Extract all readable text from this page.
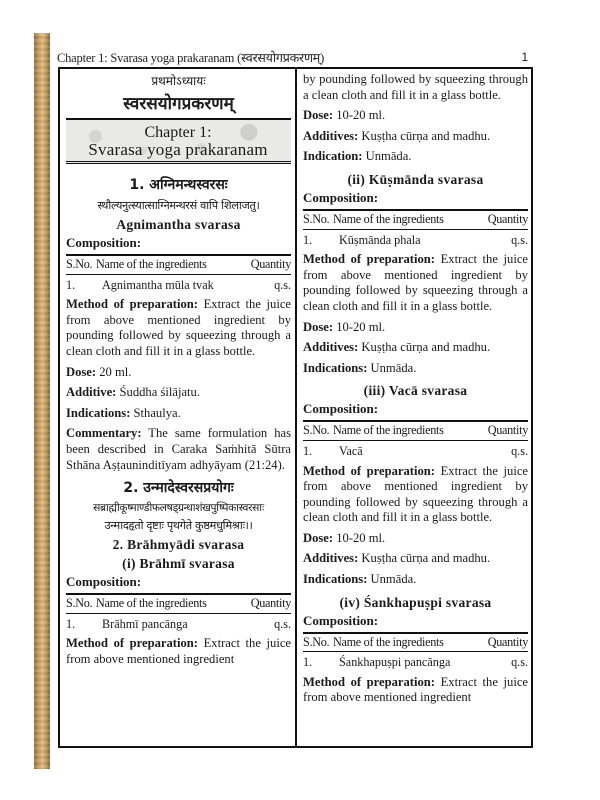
Chapter 1: Svarasa yoga prakaranam (स्वरसयोगप्रकरणम्)	1
प्रथमोऽध्यायः
स्वरसयोगप्रकरणम्
Chapter 1:
Svarasa yoga prakaranam
1. अग्निमन्थस्वरसः
स्थौल्यनुत्स्यात्साग्निमन्थरसं वापि शिलाजतु।
Agnimantha svarasa
Composition:
S.No.	Name of the ingredients	Quantity
1.	Agnimantha mūla tvak	q.s.

Method of preparation: Extract the juice from above mentioned ingredient by pounding followed by squeezing through a clean cloth and fill it in a glass bottle.

Dose: 20 ml.

Additive: Śuddha śilājatu.

Indications: Sthaulya.

Commentary: The same formulation has been described in Caraka Saṁhitā Sūtra Sthāna Aṣṭauninditīyam adhyāyam (21:24).

2. उन्मादेस्वरसप्रयोगः
सब्राह्मीकूष्माण्डीफलषड्ग्रन्थाशंखपुष्पिकास्वरसाः
उन्मादहृतो दृष्टाः पृथगेते कुष्ठमधुमिश्राः।।
2. Brāhmyādi svarasa
(i) Brāhmī svarasa
Composition:
S.No.	Name of the ingredients	Quantity
1.	Brāhmī pancānga	q.s.

Method of preparation: Extract the juice from above mentioned ingredient

by pounding followed by squeezing through a clean cloth and fill it in a glass bottle.

Dose: 10-20 ml.

Additives: Kuṣṭha cūrṇa and madhu.

Indication: Unmāda.

(ii) Kūṣmānda svarasa
Composition:
S.No.	Name of the ingredients	Quantity
1.	Kūṣmānda phala	q.s.

Method of preparation: Extract the juice from above mentioned ingredient by pounding followed by squeezing through a clean cloth and fill it in a glass bottle.

Dose: 10-20 ml.

Additives: Kuṣṭha cūrṇa and madhu.

Indications: Unmāda.

(iii) Vacā svarasa
Composition:
S.No.	Name of the ingredients	Quantity
1.	Vacā	q.s.

Method of preparation: Extract the juice from above mentioned ingredient by pounding followed by squeezing through a clean cloth and fill it in a glass bottle.

Dose: 10-20 ml.

Additives: Kuṣṭha cūrṇa and madhu.

Indications: Unmāda.

(iv) Śankhapuṣpi svarasa
Composition:
S.No.	Name of the ingredients	Quantity
1.	Śankhapuṣpi pancānga	q.s.

Method of preparation: Extract the juice from above mentioned ingredient
